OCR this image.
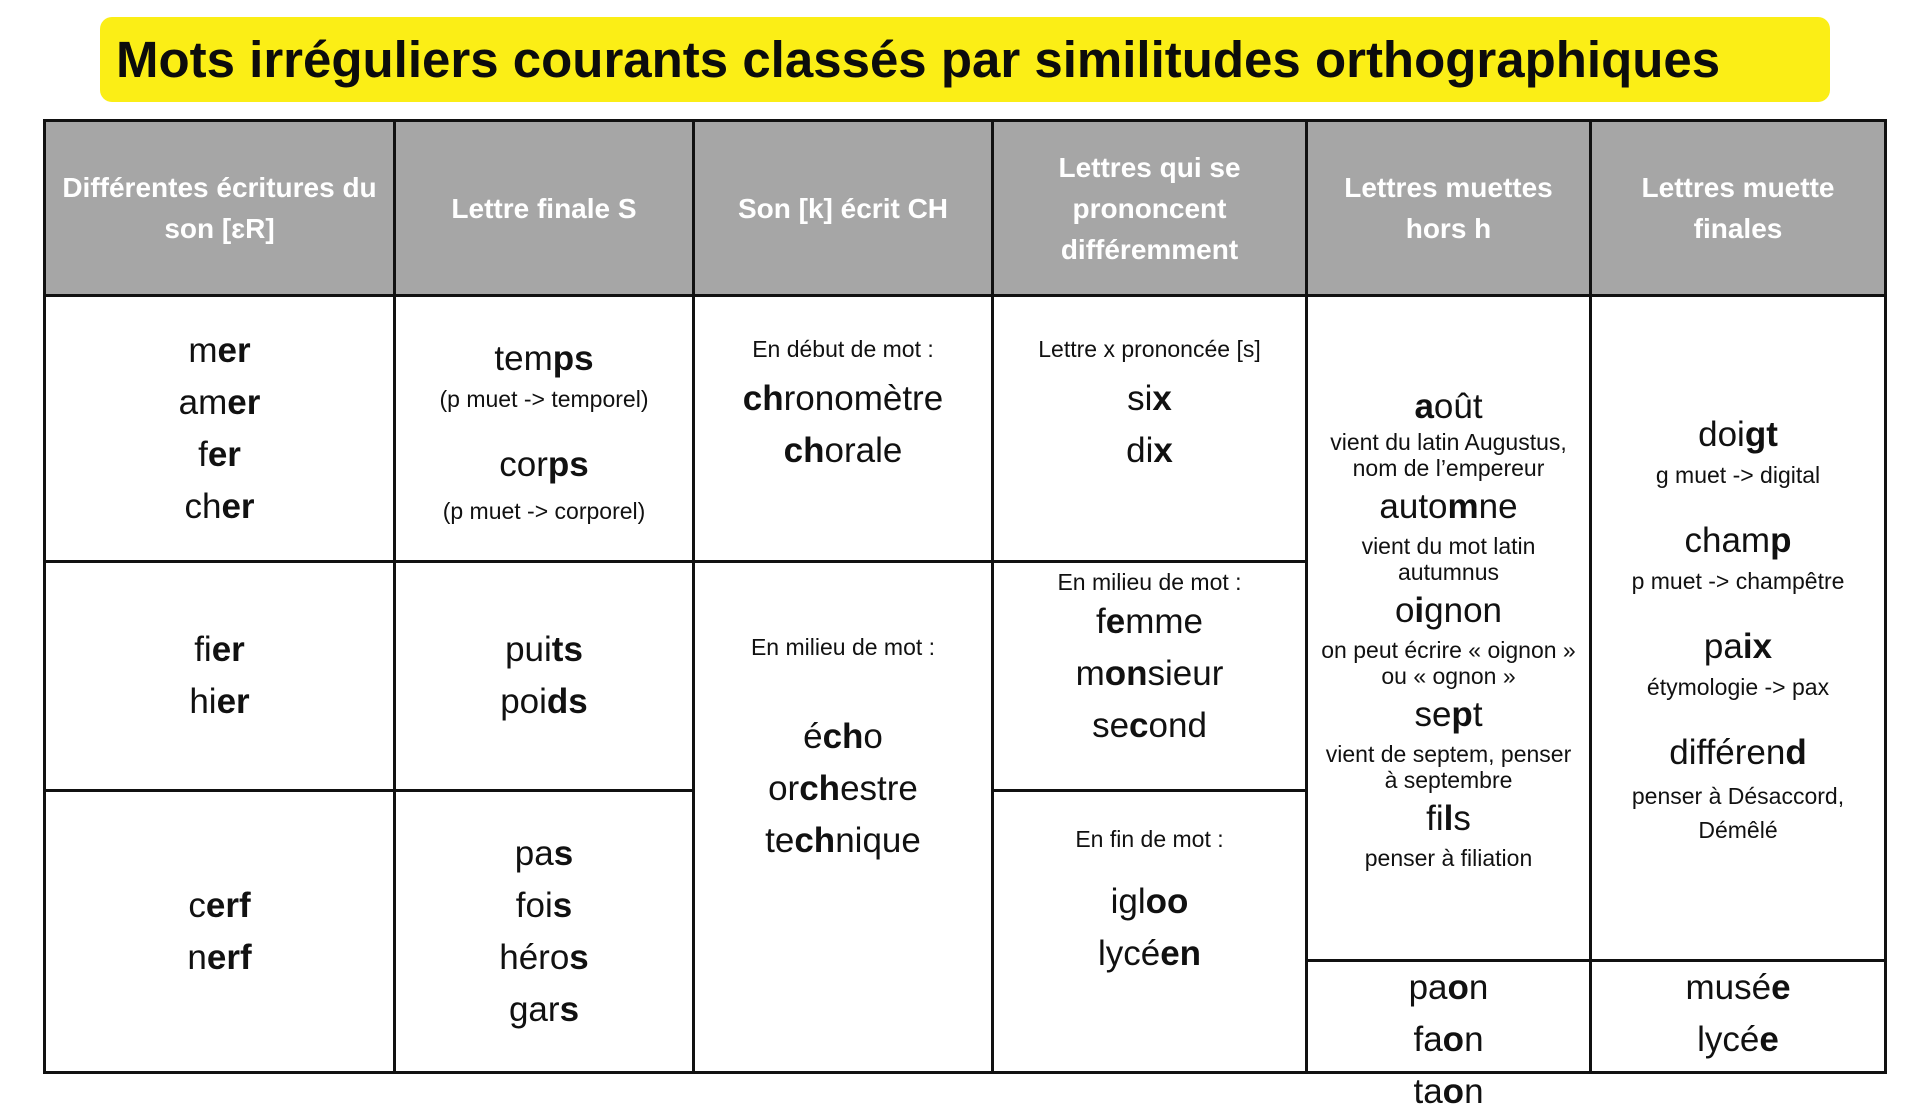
Mots irréguliers courants classés par similitudes orthographiques
Différentes écritures du son [ɛR]
Lettre finale S	Son [k] écrit CH
Lettres qui se prononcent différemment
Lettres muettes hors h
Lettres muette finales
mer
amer
fer
cher
fier
hier
cerf
nerf
temps
(p muet -> temporel)
corps
(p muet -> corporel)
puits
poids
pas
fois
héros
gars
En début de mot :
chronomètre
chorale
En milieu de mot :
écho
orchestre
technique
Lettre x prononcée [s]
six
dix
En milieu de mot :
femme
monsieur
second
En fin de mot :
igloo
lycéen
août
vient du latin Augustus,
nom de l’empereur
automne
vient du mot latin
autumnus
oignon
on peut écrire « oignon »
ou « ognon »
sept
vient de septem, penser
à septembre
fils
penser à filiation
paon
faon
taon
doigt
g muet -> digital
champ
p muet -> champêtre
paix
étymologie -> pax
différend
penser à Désaccord,
Démêlé
musée
lycée
